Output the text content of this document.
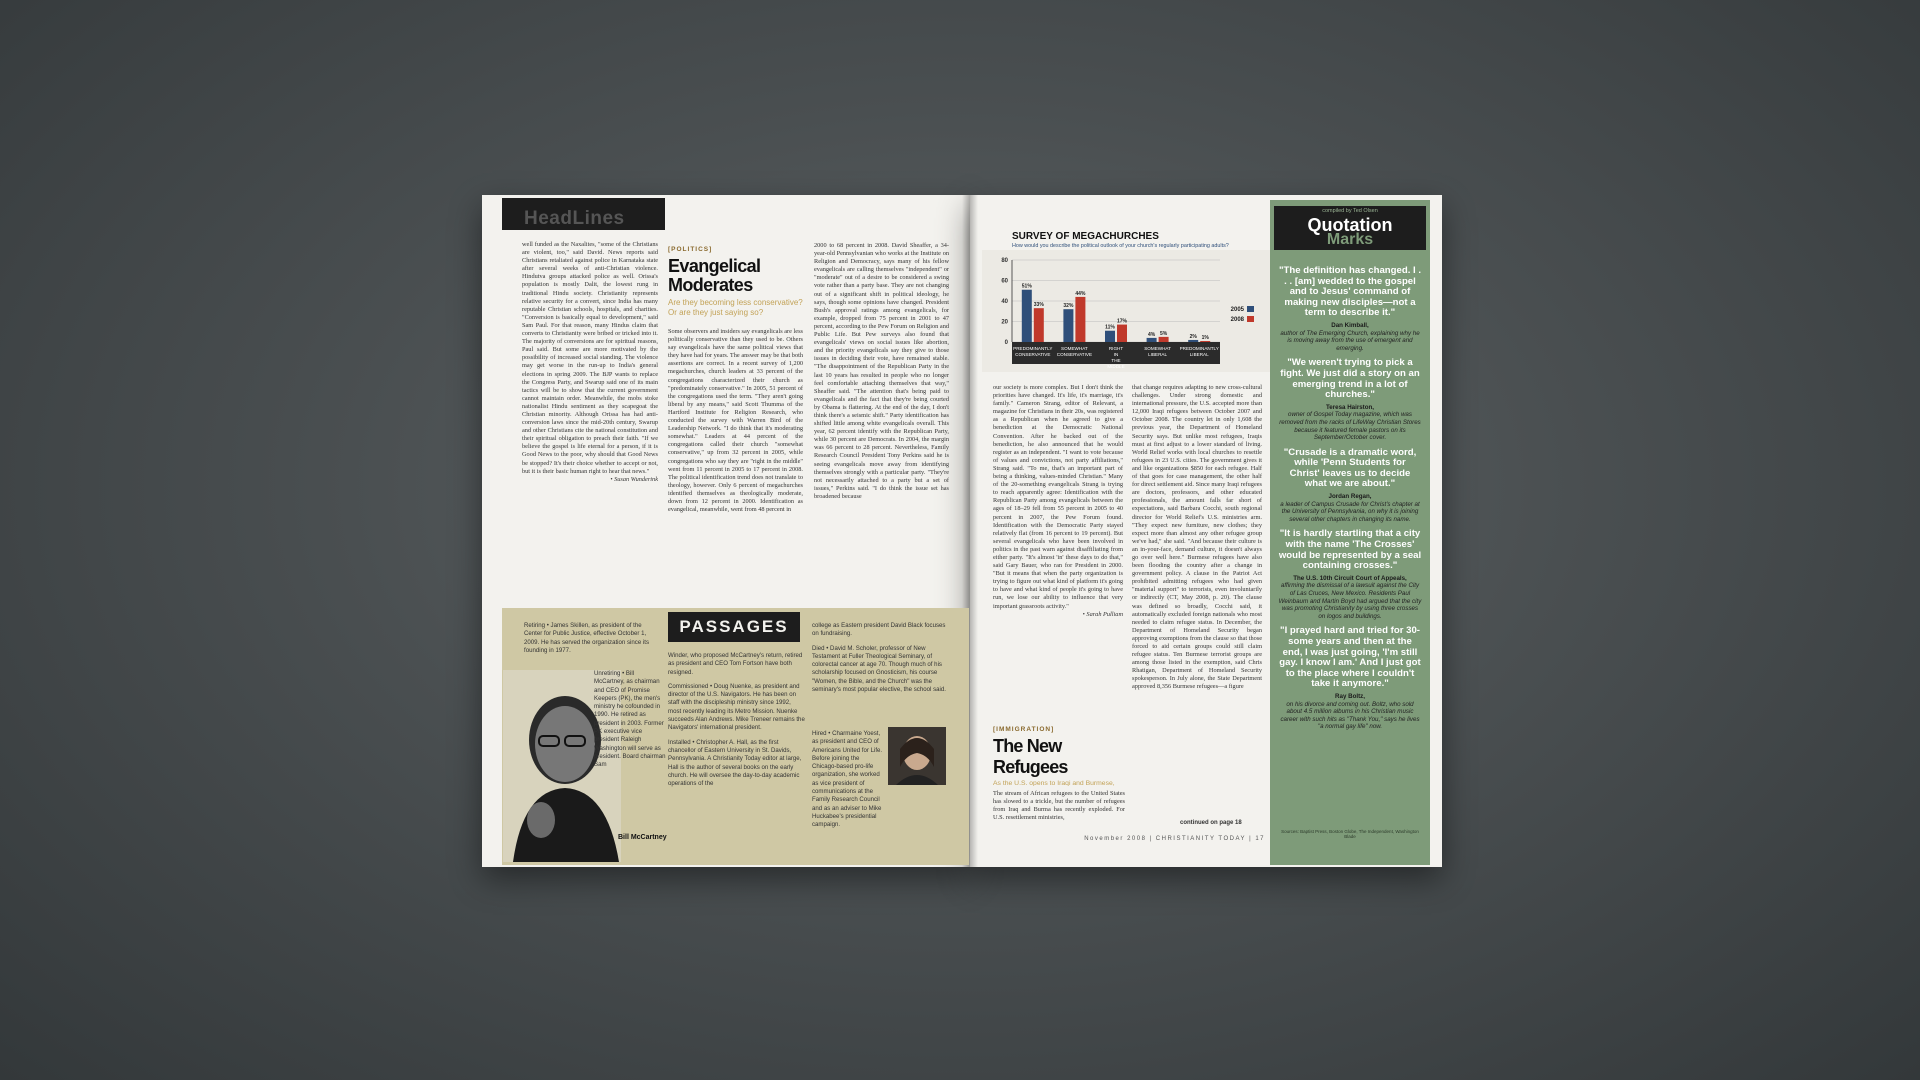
HeadLines
well funded as the Naxalites, "some of the Christians are violent, too," said David. News reports said Christians retaliated against police in Karnataka state after several weeks of anti-Christian violence. Hindutva groups attacked police as well. Orissa's population is mostly Dalit, the lowest rung in traditional Hindu society. Christianity represents relative security for a convert, since India has many reputable Christian schools, hospitals, and charities. "Conversion is basically equal to development," said Sam Paul. For that reason, many Hindus claim that converts to Christianity were bribed or tricked into it. The majority of conversions are for spiritual reasons, Paul said. But some are more motivated by the possibility of increased social standing. The violence may get worse in the run-up to India's general elections in spring 2009. The BJP wants to replace the Congress Party, and Swarup said one of its main tactics will be to show that the current government cannot maintain order. Meanwhile, the mobs stoke nationalist Hindu sentiment as they scapegoat the Christian minority. Although Orissa has had anti-conversion laws since the mid-20th century, Swarup and other Christians cite the national constitution and their spiritual obligation to preach their faith. "If we believe the gospel is life eternal for a person, if it is Good News to the poor, why should that Good News be stopped? It's their choice whether to accept or not, but it is their basic human right to hear that news."
• Susan Wunderink
[POLITICS]
Evangelical Moderates
Are they becoming less conservative? Or are they just saying so?
Some observers and insiders say evangelicals are less politically conservative than they used to be. Others say evangelicals have the same political views that they have had for years. The answer may be that both assertions are correct. In a recent survey of 1,200 megachurches, church leaders at 33 percent of the congregations characterized their church as "predominately conservative." In 2005, 51 percent of the congregations used the term. "They aren't going liberal by any means," said Scott Thumma of the Hartford Institute for Religion Research, who conducted the survey with Warren Bird of the Leadership Network. "I do think that it's moderating somewhat." Leaders at 44 percent of the congregations called their church "somewhat conservative," up from 32 percent in 2005, while congregations who say they are "right in the middle" went from 11 percent in 2005 to 17 percent in 2008. The political identification trend does not translate to theology, however. Only 6 percent of megachurches identified themselves as theologically moderate, down from 12 percent in 2000. Identification as evangelical, meanwhile, went from 48 percent in
2000 to 68 percent in 2008. David Sheaffer, a 34-year-old Pennsylvanian who works at the Institute on Religion and Democracy, says many of his fellow evangelicals are calling themselves "independent" or "moderate" out of a desire to be considered a swing vote rather than a party base. They are not changing out of a significant shift in political ideology, he says, though some opinions have changed. President Bush's approval ratings among evangelicals, for example, dropped from 75 percent in 2001 to 47 percent, according to the Pew Forum on Religion and Public Life. But Pew surveys also found that evangelicals' views on social issues like abortion, and the priority evangelicals say they give to those issues in deciding their vote, have remained stable. "The disappointment of the Republican Party in the last 10 years has resulted in people who no longer feel comfortable attaching themselves that way," Sheaffer said. "The attention that's being paid to evangelicals and the fact that they're being courted by Obama is flattering. At the end of the day, I don't think there's a seismic shift." Party identification has shifted little among white evangelicals overall. This year, 62 percent identify with the Republican Party, while 30 percent are Democrats. In 2004, the margin was 66 percent to 28 percent. Nevertheless, Family Research Council President Tony Perkins said he is seeing evangelicals move away from identifying themselves strongly with a particular party. "They're not necessarily attached to a party but a set of issues," Perkins said. "I do think the issue set has broadened because
PASSAGES
Retiring • James Skillen, as president of the Center for Public Justice, effective October 1, 2009. He has served the organization since its founding in 1977.
Unretiring • Bill McCartney, as chairman and CEO of Promise Keepers (PK), the men's ministry he cofounded in 1990. He retired as president in 2003. Former PK executive vice president Raleigh Washington will serve as president. Board chairman Sam
Bill McCartney
Winder, who proposed McCartney's return, retired as president and CEO Tom Fortson have both resigned.
Commissioned • Doug Nuenke, as president and director of the U.S. Navigators. He has been on staff with the discipleship ministry since 1992, most recently leading its Metro Mission. Nuenke succeeds Alan Andrews. Mike Treneer remains the Navigators' international president.
Installed • Christopher A. Hall, as the first chancellor of Eastern University in St. Davids, Pennsylvania. A Christianity Today editor at large, Hall is the author of several books on the early church. He will oversee the day-to-day academic operations of the
college as Eastern president David Black focuses on fundraising.
Died • David M. Scholer, professor of New Testament at Fuller Theological Seminary, of colorectal cancer at age 70. Though much of his scholarship focused on Gnosticism, his course "Women, the Bible, and the Church" was the seminary's most popular elective, the school said.
Hired • Charmaine Yoest, as president and CEO of Americans United for Life. Before joining the Chicago-based pro-life organization, she worked as vice president of communications at the Family Research Council and as an adviser to Mike Huckabee's presidential campaign.
SURVEY OF MEGACHURCHES
How would you describe the political outlook of your church's regularly participating adults?
0
20
40
60
80
51%
32%
11%
4%	2%
33%
44%
17%
5%
1%
PREDOMINANTLY CONSERVATIVE
SOMEWHAT CONSERVATIVE
RIGHT IN THE MIDDLE
SOMEWHAT LIBERAL
PREDOMINANTLY LIBERAL
2005
2008
our society is more complex. But I don't think the priorities have changed. It's life, it's marriage, it's family." Cameron Strang, editor of Relevant, a magazine for Christians in their 20s, was registered as a Republican when he agreed to give a benediction at the Democratic National Convention. After he backed out of the benediction, he also announced that he would register as an independent. "I want to vote because of values and convictions, not party affiliations," Strang said. "To me, that's an important part of being a thinking, values-minded Christian." Many of the 20-something evangelicals Strang is trying to reach apparently agree: Identification with the Republican Party among evangelicals between the ages of 18–29 fell from 55 percent in 2005 to 40 percent in 2007, the Pew Forum found. Identification with the Democratic Party stayed relatively flat (from 16 percent to 19 percent). But several evangelicals who have been involved in politics in the past warn against disaffiliating from either party. "It's almost 'in' these days to do that," said Gary Bauer, who ran for President in 2000. "But it means that when the party organization is trying to figure out what kind of platform it's going to have and what kind of people it's going to have run, we lose our ability to influence that very important grassroots activity."
• Sarah Pulliam
[IMMIGRATION]
The New Refugees
As the U.S. opens to Iraqi and Burmese,
The stream of African refugees to the United States has slowed to a trickle, but the number of refugees from Iraq and Burma has recently exploded. For U.S. resettlement ministries,
that change requires adapting to new cross-cultural challenges. Under strong domestic and international pressure, the U.S. accepted more than 12,000 Iraqi refugees between October 2007 and October 2008. The country let in only 1,608 the previous year, the Department of Homeland Security says. But unlike most refugees, Iraqis must at first adjust to a lower standard of living. World Relief works with local churches to resettle refugees in 23 U.S. cities. The government gives it and like organizations $850 for each refugee. Half of that goes for case management, the other half for direct settlement aid. Since many Iraqi refugees are doctors, professors, and other educated professionals, the amount falls far short of expectations, said Barbara Cocchi, south regional director for World Relief's U.S. ministries arm. "They expect new furniture, new clothes; they expect more than almost any other refugee group we've had," she said. "And because their culture is an in-your-face, demand culture, it doesn't always go over well here." Burmese refugees have also been flooding the country after a change in government policy. A clause in the Patriot Act prohibited admitting refugees who had given "material support" to terrorists, even involuntarily or indirectly (CT, May 2008, p. 20). The clause was defined so broadly, Cocchi said, it automatically excluded foreign nationals who most needed to claim refugee status. In December, the Department of Homeland Security began approving exemptions from the clause so that those forced to aid certain groups could still claim refugee status. Ten Burmese terrorist groups are among those listed in the exemption, said Chris Rhatigan, Department of Homeland Security spokesperson. In July alone, the State Department approved 8,356 Burmese refugees—a figure
continued on page 18
November 2008 | CHRISTIANITY TODAY | 17
compiled by Ted Olsen
Quotation
Marks
"The definition has changed. I . . . [am] wedded to the gospel and to Jesus' command of making new disciples—not a term to describe it."
Dan Kimball,
author of The Emerging Church, explaining why he is moving away from the use of emergent and emerging.
"We weren't trying to pick a fight. We just did a story on an emerging trend in a lot of churches."
Teresa Hairston,
owner of Gospel Today magazine, which was removed from the racks of LifeWay Christian Stores because it featured female pastors on its September/October cover.
"Crusade is a dramatic word, while 'Penn Students for Christ' leaves us to decide what we are about."
Jordan Regan,
a leader of Campus Crusade for Christ's chapter at the University of Pennsylvania, on why it is joining several other chapters in changing its name.
"It is hardly startling that a city with the name 'The Crosses' would be represented by a seal containing crosses."
The U.S. 10th Circuit Court of Appeals,
affirming the dismissal of a lawsuit against the City of Las Cruces, New Mexico. Residents Paul Weinbaum and Martin Boyd had argued that the city was promoting Christianity by using three crosses on logos and buildings.
"I prayed hard and tried for 30-some years and then at the end, I was just going, 'I'm still gay. I know I am.' And I just got to the place where I couldn't take it anymore."
Ray Boltz,
on his divorce and coming out. Boltz, who sold about 4.5 million albums in his Christian music career with such hits as "Thank You," says he lives "a normal gay life" now.
Sources: Baptist Press, Boston Globe, The Independent, Washington Blade
